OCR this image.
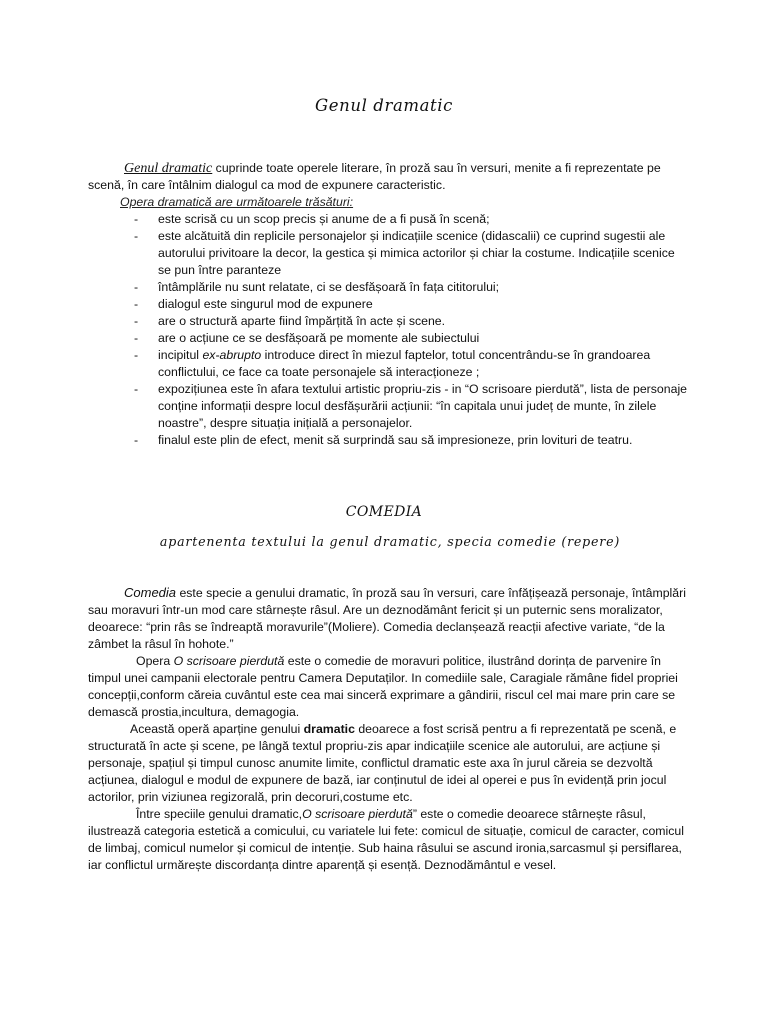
Genul dramatic

Genul dramatic cuprinde toate operele literare, în proză sau în versuri, menite a fi reprezentate pe scenă, în care întâlnim dialogul ca mod de expunere caracteristic.

Opera dramatică are următoarele trăsături:

- este scrisă cu un scop precis și anume de a fi pusă în scenă;
- este alcătuită din replicile personajelor și indicațiile scenice (didascalii) ce cuprind sugestii ale autorului privitoare la decor, la gestica și mimica actorilor și chiar la costume. Indicațiile scenice se pun între paranteze
- întâmplările nu sunt relatate, ci se desfășoară în fața cititorului;
- dialogul este singurul mod de expunere
- are o structură aparte fiind împărțită în acte și scene.
- are o acțiune ce se desfășoară pe momente ale subiectului
- incipitul ex-abrupto introduce direct în miezul faptelor, totul concentrându-se în grandoarea conflictului, ce face ca toate personajele să interacționeze ;
- expozițiunea este în afara textului artistic propriu-zis - in “O scrisoare pierdută”, lista de personaje conține informații despre locul desfășurării acțiunii: “în capitala unui județ de munte, în zilele noastre”, despre situația inițială a personajelor.
- finalul este plin de efect, menit să surprindă sau să impresioneze, prin lovituri de teatru.
COMEDIA
apartenenta textului la genul dramatic, specia comedie (repere)

Comedia este specie a genului dramatic, în proză sau în versuri, care înfățișează personaje, întâmplări sau moravuri într-un mod care stârnește râsul. Are un deznodământ fericit și un puternic sens moralizator, deoarece: “prin râs se îndreaptă moravurile”(Moliere). Comedia declanșează reacții afective variate, “de la zâmbet la râsul în hohote.”

Opera O scrisoare pierdută este o comedie de moravuri politice, ilustrând dorința de parvenire în timpul unei campanii electorale pentru Camera Deputaților. In comediile sale, Caragiale rămâne fidel propriei concepții,conform căreia cuvântul este cea mai sinceră exprimare a gândirii, riscul cel mai mare prin care se demască prostia,incultura, demagogia.

Această operă aparține genului dramatic deoarece a fost scrisă pentru a fi reprezentată pe scenă, e structurată în acte și scene, pe lângă textul propriu-zis apar indicațiile scenice ale autorului, are acțiune și personaje, spațiul și timpul cunosc anumite limite, conflictul dramatic este axa în jurul căreia se dezvoltă acțiunea, dialogul e modul de expunere de bază, iar conținutul de idei al operei e pus în evidență prin jocul actorilor, prin viziunea regizorală, prin decoruri,costume etc.

Între speciile genului dramatic,O scrisoare pierdută” este o comedie deoarece stârnește râsul, ilustrează categoria estetică a comicului, cu variatele lui fete: comicul de situație, comicul de caracter, comicul de limbaj, comicul numelor și comicul de intenție. Sub haina râsului se ascund ironia,sarcasmul și persiflarea, iar conflictul urmărește discordanța dintre aparență și esență. Deznodământul e vesel.
